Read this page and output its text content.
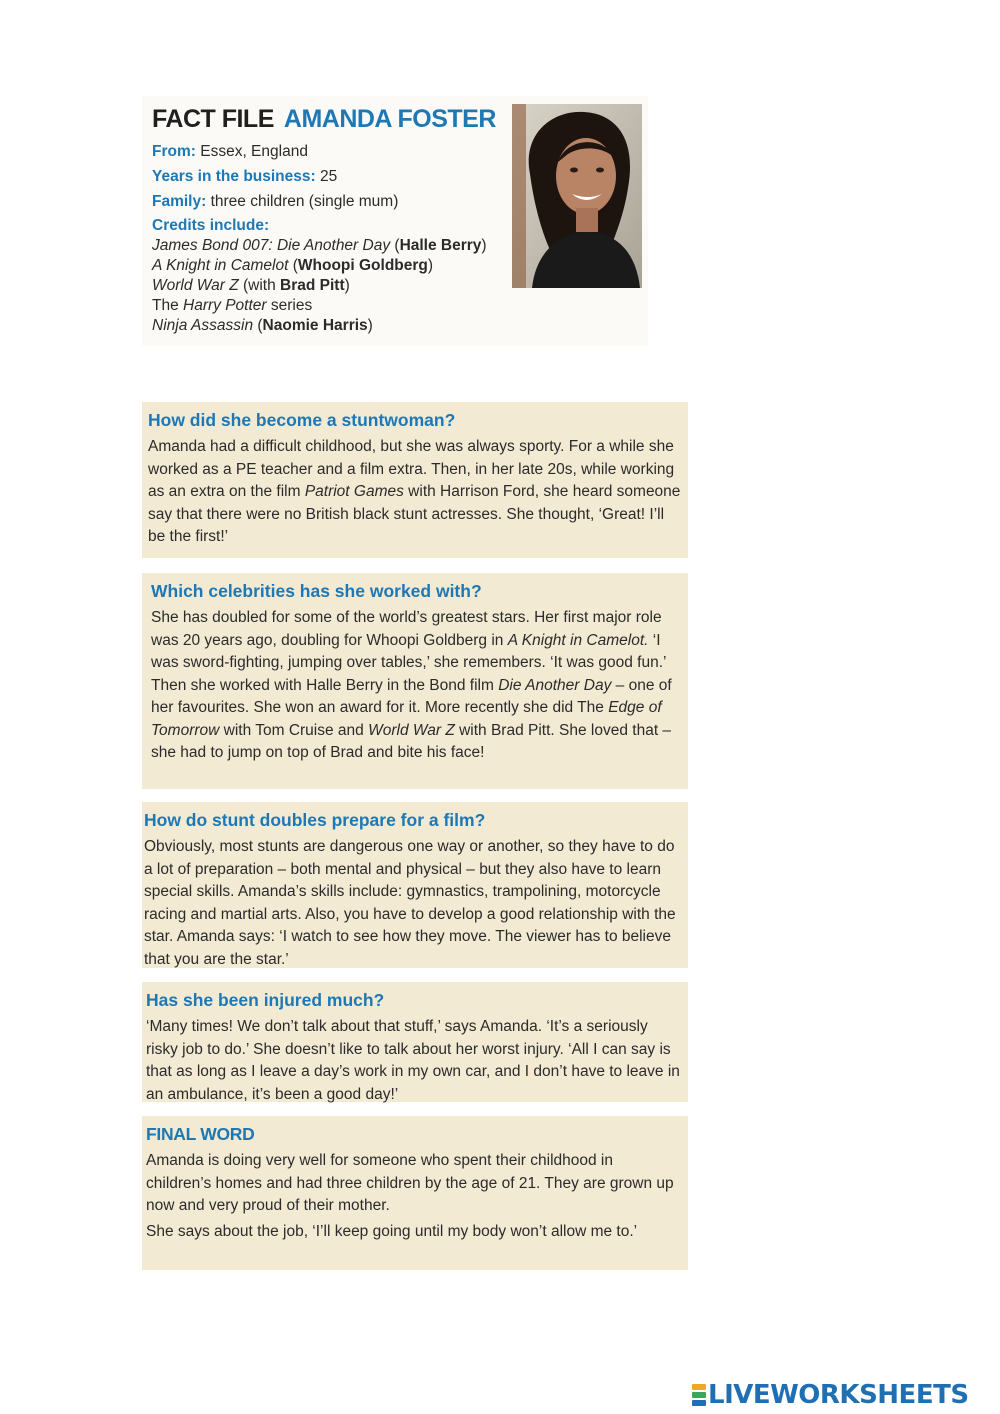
FACT FILE AMANDA FOSTER
From: Essex, England
Years in the business: 25
Family: three children (single mum)
Credits include:
James Bond 007: Die Another Day (Halle Berry)
A Knight in Camelot (Whoopi Goldberg)
World War Z (with Brad Pitt)
The Harry Potter series
Ninja Assassin (Naomie Harris)
How did she become a stuntwoman?

Amanda had a difficult childhood, but she was always sporty. For a while she worked as a PE teacher and a film extra. Then, in her late 20s, while working as an extra on the film Patriot Games with Harrison Ford, she heard someone say that there were no British black stunt actresses. She thought, ‘Great! I’ll be the first!’

Which celebrities has she worked with?

She has doubled for some of the world’s greatest stars. Her first major role was 20 years ago, doubling for Whoopi Goldberg in A Knight in Camelot. ‘I was sword-fighting, jumping over tables,’ she remembers. ‘It was good fun.’ Then she worked with Halle Berry in the Bond film Die Another Day – one of her favourites. She won an award for it. More recently she did The Edge of Tomorrow with Tom Cruise and World War Z with Brad Pitt. She loved that – she had to jump on top of Brad and bite his face!

How do stunt doubles prepare for a film?

Obviously, most stunts are dangerous one way or another, so they have to do a lot of preparation – both mental and physical – but they also have to learn special skills. Amanda’s skills include: gymnastics, trampolining, motorcycle racing and martial arts. Also, you have to develop a good relationship with the star. Amanda says: ‘I watch to see how they move. The viewer has to believe that you are the star.’

Has she been injured much?

‘Many times! We don’t talk about that stuff,’ says Amanda. ‘It’s a seriously risky job to do.’ She doesn’t like to talk about her worst injury. ‘All I can say is that as long as I leave a day’s work in my own car, and I don’t have to leave in an ambulance, it’s been a good day!’

FINAL WORD

Amanda is doing very well for someone who spent their childhood in children’s homes and had three children by the age of 21. They are grown up now and very proud of their mother.

She says about the job, ‘I’ll keep going until my body won’t allow me to.’

LIVEWORKSHEETS
